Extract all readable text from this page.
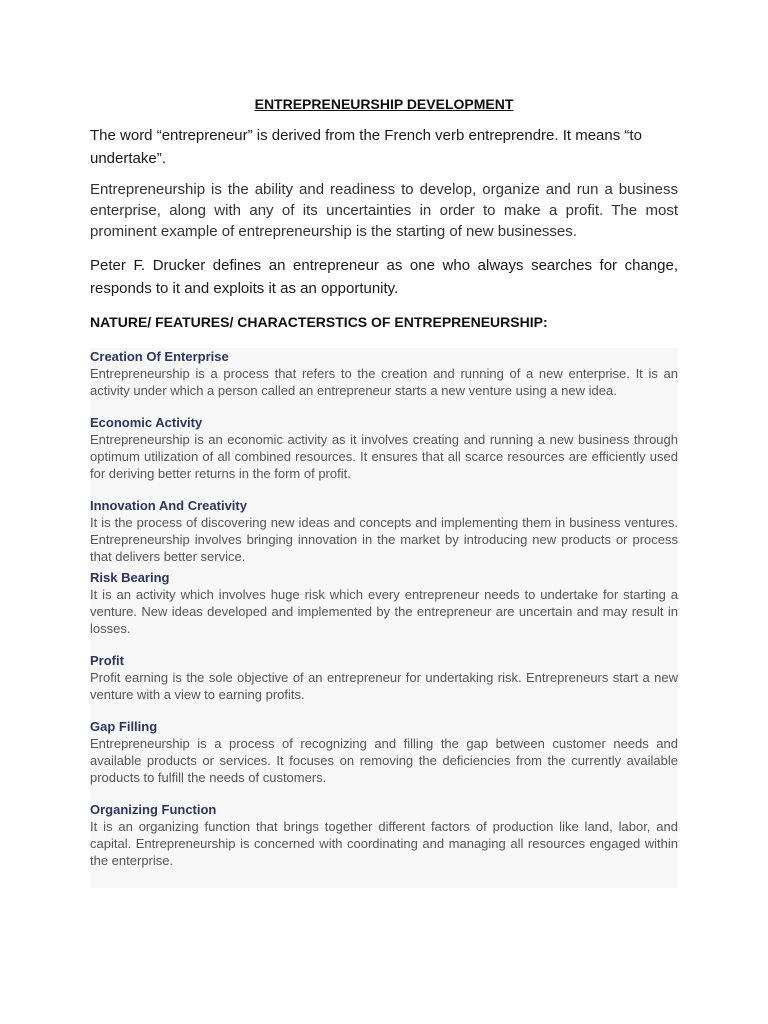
ENTREPRENEURSHIP DEVELOPMENT

The word “entrepreneur” is derived from the French verb entreprendre. It means “to undertake”.

Entrepreneurship is the ability and readiness to develop, organize and run a business enterprise, along with any of its uncertainties in order to make a profit. The most prominent example of entrepreneurship is the starting of new businesses.

Peter F. Drucker defines an entrepreneur as one who always searches for change, responds to it and exploits it as an opportunity.

NATURE/ FEATURES/ CHARACTERSTICS OF ENTREPRENEURSHIP:
Creation Of Enterprise
Entrepreneurship is a process that refers to the creation and running of a new enterprise. It is an activity under which a person called an entrepreneur starts a new venture using a new idea.
Economic Activity
Entrepreneurship is an economic activity as it involves creating and running a new business through optimum utilization of all combined resources. It ensures that all scarce resources are efficiently used for deriving better returns in the form of profit.
Innovation And Creativity
It is the process of discovering new ideas and concepts and implementing them in business ventures. Entrepreneurship involves bringing innovation in the market by introducing new products or process that delivers better service.
Risk Bearing
It is an activity which involves huge risk which every entrepreneur needs to undertake for starting a venture. New ideas developed and implemented by the entrepreneur are uncertain and may result in losses.
Profit
Profit earning is the sole objective of an entrepreneur for undertaking risk. Entrepreneurs start a new venture with a view to earning profits.
Gap Filling
Entrepreneurship is a process of recognizing and filling the gap between customer needs and available products or services. It focuses on removing the deficiencies from the currently available products to fulfill the needs of customers.
Organizing Function
It is an organizing function that brings together different factors of production like land, labor, and capital. Entrepreneurship is concerned with coordinating and managing all resources engaged within the enterprise.
